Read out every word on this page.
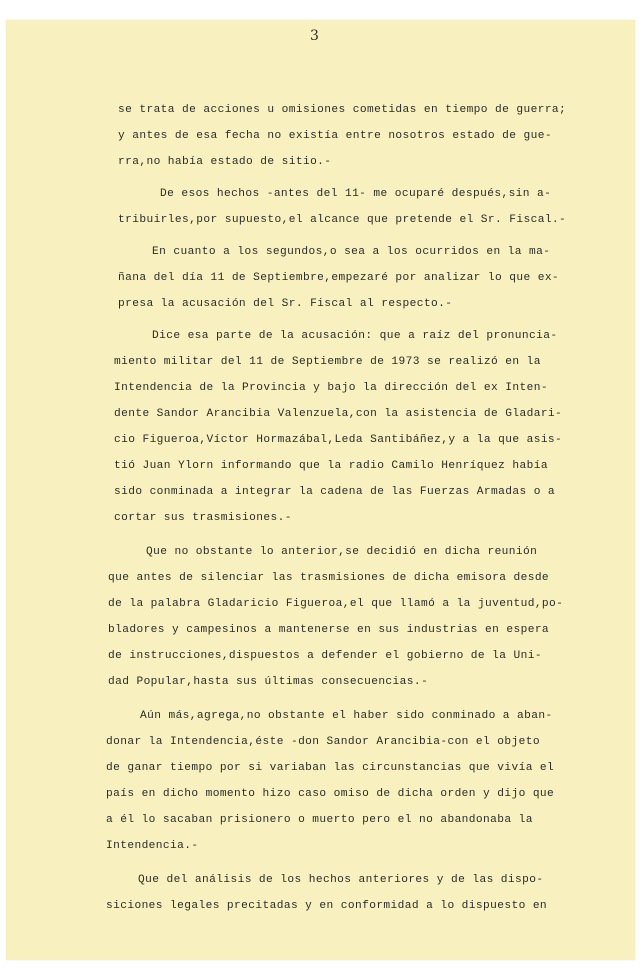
3
se trata de acciones u omisiones cometidas en tiempo de guerra;
y antes de esa fecha no existía entre nosotros estado de gue-
rra,no había estado de sitio.-
De esos hechos -antes del 11- me ocuparé después,sin a-
tribuirles,por supuesto,el alcance que pretende el Sr. Fiscal.-
En cuanto a los segundos,o sea a los ocurridos en la ma-
ñana del día 11 de Septiembre,empezaré por analizar lo que ex-
presa la acusación del Sr. Fiscal al respecto.-
Dice esa parte de la acusación: que a raíz del pronuncia-
miento militar del 11 de Septiembre de 1973 se realizó en la
Intendencia de la Provincia y bajo la dirección del ex Inten-
dente Sandor Arancibia Valenzuela,con la asistencia de Gladari-
cio Figueroa,Víctor Hormazábal,Leda Santibáñez,y a la que asis-
tió Juan Ylorn informando que la radio Camilo Henríquez había
sido conminada a integrar la cadena de las Fuerzas Armadas o a
cortar sus trasmisiones.-
Que no obstante lo anterior,se decidió en dicha reunión
que antes de silenciar las trasmisiones de dicha emisora desde
de la palabra Gladaricio Figueroa,el que llamó a la juventud,po-
bladores y campesinos a mantenerse en sus industrias en espera
de instrucciones,dispuestos a defender el gobierno de la Uni-
dad Popular,hasta sus últimas consecuencias.-
Aún más,agrega,no obstante el haber sido conminado a aban-
donar la Intendencia,éste -don Sandor Arancibia-con el objeto
de ganar tiempo por si variaban las circunstancias que vivía el
país en dicho momento hizo caso omiso de dicha orden y dijo que
a él lo sacaban prisionero o muerto pero el no abandonaba la
Intendencia.-
Que del análisis de los hechos anteriores y de las dispo-
siciones legales precitadas y en conformidad a lo dispuesto en
